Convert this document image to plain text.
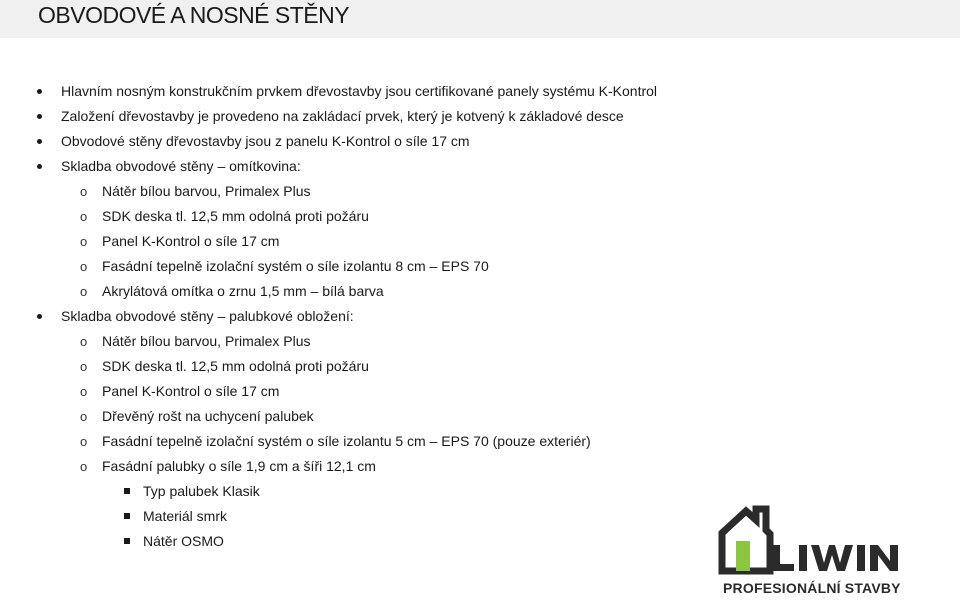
OBVODOVÉ A NOSNÉ STĚNY
Hlavním nosným konstrukčním prvkem dřevostavby jsou certifikované panely systému K-Kontrol
Založení dřevostavby je provedeno na zakládací prvek, který je kotvený k základové desce
Obvodové stěny dřevostavby jsou z panelu K-Kontrol o síle 17 cm
Skladba obvodové stěny – omítkovina:
o Nátěr bílou barvou, Primalex Plus
o SDK deska tl. 12,5 mm odolná proti požáru
o Panel K-Kontrol o síle 17 cm
o Fasádní tepelně izolační systém o síle izolantu 8 cm – EPS 70
o Akrylátová omítka o zrnu 1,5 mm – bílá barva
Skladba obvodové stěny – palubkové obložení:
o Nátěr bílou barvou, Primalex Plus
o SDK deska tl. 12,5 mm odolná proti požáru
o Panel K-Kontrol o síle 17 cm
o Dřevěný rošt na uchycení palubek
o Fasádní tepelně izolační systém o síle izolantu 5 cm – EPS 70 (pouze exteriér)
o Fasádní palubky o síle 1,9 cm a šíři 12,1 cm
Typ palubek Klasik
Materiál smrk
Nátěr OSMO
PROFESIONÁLNÍ STAVBY
